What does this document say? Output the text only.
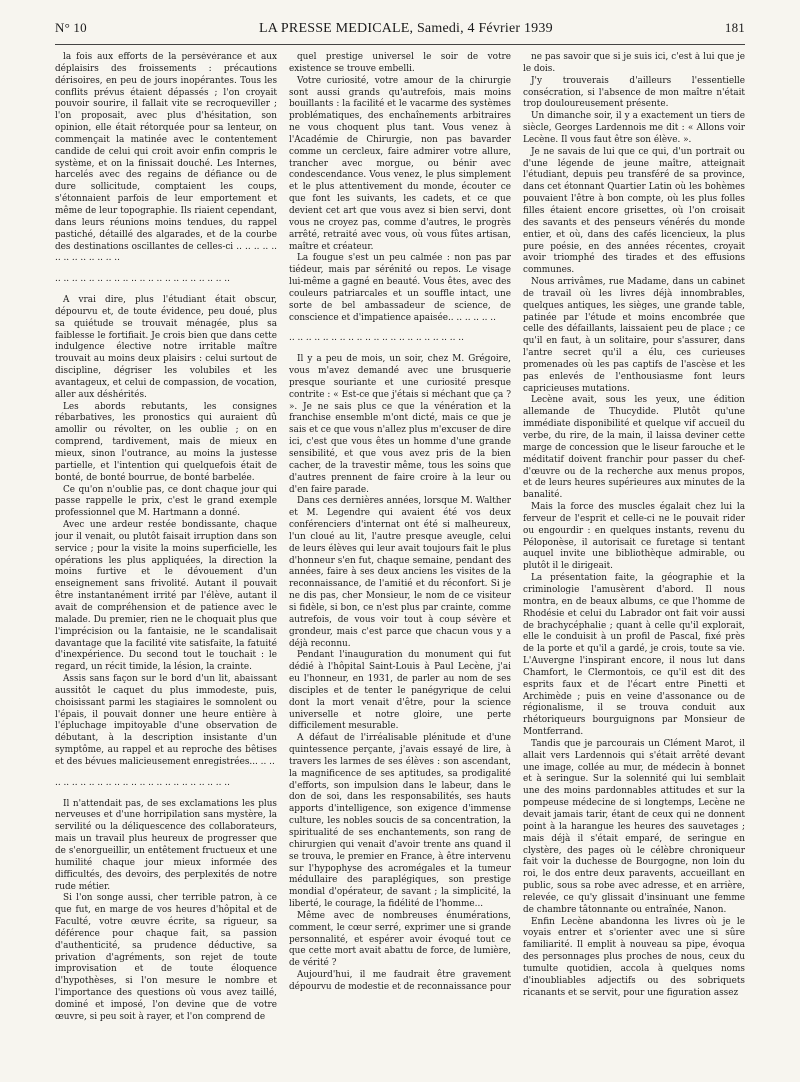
N° 10	LA PRESSE MEDICALE, Samedi, 4 Février 1939	181

la fois aux efforts de la persévérance et aux déplaisirs des froissements : précautions dérisoires, en peu de jours inopérantes. Tous les conflits prévus étaient dépassés ; l'on croyait pouvoir sourire, il fallait vite se recroqueviller ; l'on proposait, avec plus d'hésitation, son opinion, elle était rétorquée pour sa lenteur, on commençait la matinée avec le contentement candide de celui qui croit avoir enfin compris le système, et on la finissait douché. Les Internes, harcelés avec des regains de défiance ou de dure sollicitude, comptaient les coups, s'étonnaient parfois de leur emportement et même de leur topographie. Ils riaient cependant, dans leurs réunions moins tendues, du rappel pastiché, détaillé des algarades, et de la courbe des destinations oscillantes de celles-ci .. .. .. .. .. .. .. .. .. .. .. .. ..

.. .. .. .. .. .. .. .. .. .. .. .. .. .. .. .. .. .. .. .. ..

A vrai dire, plus l'étudiant était obscur, dépourvu et, de toute évidence, peu doué, plus sa quiétude se trouvait ménagée, plus sa faiblesse le fortifiait. Je crois bien que dans cette indulgence élective notre irritable maître trouvait au moins deux plaisirs : celui surtout de discipline, dégriser les volubiles et les avantageux, et celui de compassion, de vocation, aller aux déshérités.

Les abords rebutants, les consignes rébarbatives, les pronostics qui auraient dû amollir ou révolter, on les oublie ; on en comprend, tardivement, mais de mieux en mieux, sinon l'outrance, au moins la justesse partielle, et l'intention qui quelquefois était de bonté, de bonté bourrue, de bonté barbelée.

Ce qu'on n'oublie pas, ce dont chaque jour qui passe rappelle le prix, c'est le grand exemple professionnel que M. Hartmann a donné.

Avec une ardeur restée bondissante, chaque jour il venait, ou plutôt faisait irruption dans son service ; pour la visite la moins superficielle, les opérations les plus appliquées, la direction la moins furtive et le dévouement d'un enseignement sans frivolité. Autant il pouvait être instantanément irrité par l'élève, autant il avait de compréhension et de patience avec le malade. Du premier, rien ne le choquait plus que l'imprécision ou la fantaisie, ne le scandalisait davantage que la facilité vite satisfaite, la fatuité d'inexpérience. Du second tout le touchait : le regard, un récit timide, la lésion, la crainte.

Assis sans façon sur le bord d'un lit, abaissant aussitôt le caquet du plus immodeste, puis, choisissant parmi les stagiaires le somnolent ou l'épais, il pouvait donner une heure entière à l'épluchage impitoyable d'une observation de débutant, à la description insistante d'un symptôme, au rappel et au reproche des bêtises et des bévues malicieusement enregistrées... .. ..

.. .. .. .. .. .. .. .. .. .. .. .. .. .. .. .. .. .. .. .. ..

Il n'attendait pas, de ses exclamations les plus nerveuses et d'une horripilation sans mystère, la servilité ou la déliquescence des collaborateurs, mais un travail plus heureux de progresser que de s'enorgueillir, un entêtement fructueux et une humilité chaque jour mieux informée des difficultés, des devoirs, des perplexités de notre rude métier.

Si l'on songe aussi, cher terrible patron, à ce que fut, en marge de vos heures d'hôpital et de Faculté, votre œuvre écrite, sa rigueur, sa déférence pour chaque fait, sa passion d'authenticité, sa prudence déductive, sa privation d'agréments, son rejet de toute improvisation et de toute éloquence d'hypothèses, si l'on mesure le nombre et l'importance des questions où vous avez taillé, dominé et imposé, l'on devine que de votre œuvre, si peu soit à rayer, et l'on comprend de

quel prestige universel le soir de votre existence se trouve embelli.

Votre curiosité, votre amour de la chirurgie sont aussi grands qu'autrefois, mais moins bouillants : la facilité et le vacarme des systèmes problématiques, des enchaînements arbitraires ne vous choquent plus tant. Vous venez à l'Académie de Chirurgie, non pas bavarder comme un cercleux, faire admirer votre allure, trancher avec morgue, ou bénir avec condescendance. Vous venez, le plus simplement et le plus attentivement du monde, écouter ce que font les suivants, les cadets, et ce que devient cet art que vous avez si bien servi, dont vous ne croyez pas, comme d'autres, le progrès arrêté, retraité avec vous, où vous fûtes artisan, maître et créateur.

La fougue s'est un peu calmée : non pas par tiédeur, mais par sérénité ou repos. Le visage lui-même a gagné en beauté. Vous êtes, avec des couleurs patriarcales et un souffle intact, une sorte de bel ambassadeur de science, de conscience et d'impatience apaisée.. .. .. .. .. ..

.. .. .. .. .. .. .. .. .. .. .. .. .. .. .. .. .. .. .. .. ..

Il y a peu de mois, un soir, chez M. Grégoire, vous m'avez demandé avec une brusquerie presque souriante et une curiosité presque contrite : « Est-ce que j'étais si méchant que ça ? ». Je ne sais plus ce que la vénération et la franchise ensemble m'ont dicté, mais ce que je sais et ce que vous n'allez plus m'excuser de dire ici, c'est que vous êtes un homme d'une grande sensibilité, et que vous avez pris de la bien cacher, de la travestir même, tous les soins que d'autres prennent de faire croire à la leur ou d'en faire parade.

Dans ces dernières années, lorsque M. Walther et M. Legendre qui avaient été vos deux conférenciers d'internat ont été si malheureux, l'un cloué au lit, l'autre presque aveugle, celui de leurs élèves qui leur avait toujours fait le plus d'honneur s'en fut, chaque semaine, pendant des années, faire à ses deux anciens les visites de la reconnaissance, de l'amitié et du réconfort. Si je ne dis pas, cher Monsieur, le nom de ce visiteur si fidèle, si bon, ce n'est plus par crainte, comme autrefois, de vous voir tout à coup sévère et grondeur, mais c'est parce que chacun vous y a déjà reconnu.

Pendant l'inauguration du monument qui fut dédié à l'hôpital Saint-Louis à Paul Lecène, j'ai eu l'honneur, en 1931, de parler au nom de ses disciples et de tenter le panégyrique de celui dont la mort venait d'être, pour la science universelle et notre gloire, une perte difficilement mesurable.

A défaut de l'irréalisable plénitude et d'une quintessence perçante, j'avais essayé de lire, à travers les larmes de ses élèves : son ascendant, la magnificence de ses aptitudes, sa prodigalité d'efforts, son impulsion dans le labeur, dans le don de soi, dans les responsabilités, ses hauts apports d'intelligence, son exigence d'immense culture, les nobles soucis de sa concentration, la spiritualité de ses enchantements, son rang de chirurgien qui venait d'avoir trente ans quand il se trouva, le premier en France, à être intervenu sur l'hypophyse des acromégales et la tumeur médullaire des paraplégiques, son prestige mondial d'opérateur, de savant ; la simplicité, la liberté, le courage, la fidélité de l'homme...

Même avec de nombreuses énumérations, comment, le cœur serré, exprimer une si grande personnalité, et espérer avoir évoqué tout ce que cette mort avait abattu de force, de lumière, de vérité ?

Aujourd'hui, il me faudrait être gravement dépourvu de modestie et de reconnaissance pour

ne pas savoir que si je suis ici, c'est à lui que je le dois.

J'y trouverais d'ailleurs l'essentielle consécration, si l'absence de mon maître n'était trop douloureusement présente.

Un dimanche soir, il y a exactement un tiers de siècle, Georges Lardennois me dit : « Allons voir Lecène. Il vous faut être son élève. ».

Je ne savais de lui que ce qui, d'un portrait ou d'une légende de jeune maître, atteignait l'étudiant, depuis peu transféré de sa province, dans cet étonnant Quartier Latin où les bohèmes pouvaient l'être à bon compte, où les plus folles filles étaient encore grisettes, où l'on croisait des savants et des penseurs vénérés du monde entier, et où, dans des cafés licencieux, la plus pure poésie, en des années récentes, croyait avoir triomphé des tirades et des effusions communes.

Nous arrivâmes, rue Madame, dans un cabinet de travail où les livres déjà innombrables, quelques antiques, les sièges, une grande table, patinée par l'étude et moins encombrée que celle des défaillants, laissaient peu de place ; ce qu'il en faut, à un solitaire, pour s'assurer, dans l'antre secret qu'il a élu, ces curieuses promenades où les pas captifs de l'ascèse et les pas enlevés de l'enthousiasme font leurs capricieuses mutations.

Lecène avait, sous les yeux, une édition allemande de Thucydide. Plutôt qu'une immédiate disponibilité et quelque vif accueil du verbe, du rire, de la main, il laissa deviner cette marge de concession que le liseur farouche et le méditatif doivent franchir pour passer du chef-d'œuvre ou de la recherche aux menus propos, et de leurs heures supérieures aux minutes de la banalité.

Mais la force des muscles égalait chez lui la ferveur de l'esprit et celle-ci ne le pouvait rider ou engourdir : en quelques instants, revenu du Péloponèse, il autorisait ce furetage si tentant auquel invite une bibliothèque admirable, ou plutôt il le dirigeait.

La présentation faite, la géographie et la criminologie l'amusèrent d'abord. Il nous montra, en de beaux albums, ce que l'homme de Rhodésie et celui du Labrador ont fait voir aussi de brachycéphalie ; quant à celle qu'il explorait, elle le conduisit à un profil de Pascal, fixé près de la porte et qu'il a gardé, je crois, toute sa vie. L'Auvergne l'inspirant encore, il nous lut dans Chamfort, le Clermontois, ce qu'il est dit des esprits faux et de l'écart entre Pinetti et Archimède ; puis en veine d'assonance ou de régionalisme, il se trouva conduit aux rhétoriqueurs bourguignons par Monsieur de Montferrand.

Tandis que je parcourais un Clément Marot, il allait vers Lardennois qui s'était arrêté devant une image, collée au mur, de médecin à bonnet et à seringue. Sur la solennité qui lui semblait une des moins pardonnables attitudes et sur la pompeuse médecine de si longtemps, Lecène ne devait jamais tarir, étant de ceux qui ne donnent point à la harangue les heures des sauvetages ; mais déjà il s'était emparé, de seringue en clystère, des pages où le célèbre chroniqueur fait voir la duchesse de Bourgogne, non loin du roi, le dos entre deux paravents, accueillant en public, sous sa robe avec adresse, et en arrière, relevée, ce qu'y glissait d'insinuant une femme de chambre tâtonnante ou entraînée, Nanon.

Enfin Lecène abandonna les livres où je le voyais entrer et s'orienter avec une si sûre familiarité. Il emplit à nouveau sa pipe, évoqua des personnages plus proches de nous, ceux du tumulte quotidien, accola à quelques noms d'inoubliables adjectifs ou des sobriquets ricanants et se servit, pour une figuration assez
